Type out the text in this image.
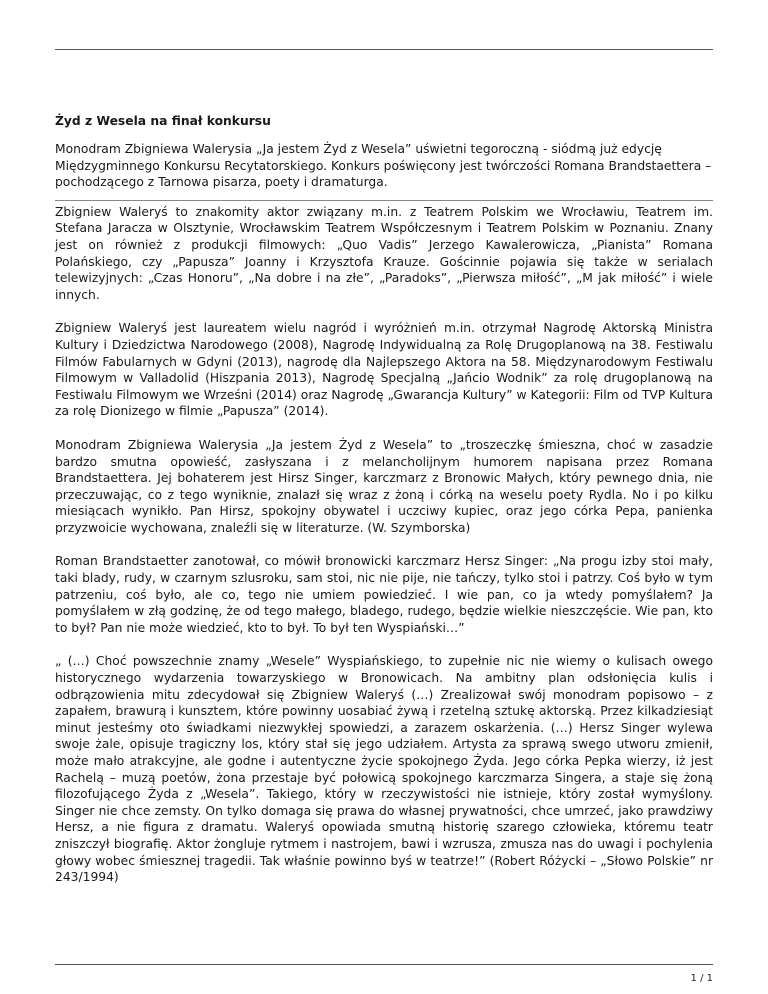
Żyd z Wesela na finał konkursu

Monodram Zbigniewa Walerysia „Ja jestem Żyd z Wesela” uświetni tegoroczną - siódmą już edycję Międzygminnego Konkursu Recytatorskiego. Konkurs poświęcony jest twórczości Romana Brandstaettera – pochodzącego z Tarnowa pisarza, poety i dramaturga.

Zbigniew Waleryś to znakomity aktor związany m.in. z Teatrem Polskim we Wrocławiu, Teatrem im. Stefana Jaracza w Olsztynie, Wrocławskim Teatrem Współczesnym i Teatrem Polskim w Poznaniu. Znany jest on również z produkcji filmowych: „Quo Vadis” Jerzego Kawalerowicza, „Pianista” Romana Polańskiego, czy „Papusza” Joanny i Krzysztofa Krauze. Gościnnie pojawia się także w serialach telewizyjnych: „Czas Honoru”, „Na dobre i na złe”, „Paradoks”, „Pierwsza miłość”, „M jak miłość” i wiele innych.

Zbigniew Waleryś jest laureatem wielu nagród i wyróżnień m.in. otrzymał Nagrodę Aktorską Ministra Kultury i Dziedzictwa Narodowego (2008), Nagrodę Indywidualną za Rolę Drugoplanową na 38. Festiwalu Filmów Fabularnych w Gdyni (2013), nagrodę dla Najlepszego Aktora na 58. Międzynarodowym Festiwalu Filmowym w Valladolid (Hiszpania 2013), Nagrodę Specjalną „Jańcio Wodnik” za rolę drugoplanową na Festiwalu Filmowym we Wrześni (2014) oraz Nagrodę „Gwarancja Kultury” w Kategorii: Film od TVP Kultura za rolę Dionizego w filmie „Papusza” (2014).

Monodram Zbigniewa Walerysia „Ja jestem Żyd z Wesela” to „troszeczkę śmieszna, choć w zasadzie bardzo smutna opowieść, zasłyszana i z melancholijnym humorem napisana przez Romana Brandstaettera. Jej bohaterem jest Hirsz Singer, karczmarz z Bronowic Małych, który pewnego dnia, nie przeczuwając, co z tego wyniknie, znalazł się wraz z żoną i córką na weselu poety Rydla. No i po kilku miesiącach wynikło. Pan Hirsz, spokojny obywatel i uczciwy kupiec, oraz jego córka Pepa, panienka przyzwoicie wychowana, znaleźli się w literaturze. (W. Szymborska)

Roman Brandstaetter zanotował, co mówił bronowicki karczmarz Hersz Singer: „Na progu izby stoi mały, taki blady, rudy, w czarnym szlusroku, sam stoi, nic nie pije, nie tańczy, tylko stoi i patrzy. Coś było w tym patrzeniu, coś było, ale co, tego nie umiem powiedzieć. I wie pan, co ja wtedy pomyślałem? Ja pomyślałem w złą godzinę, że od tego małego, bladego, rudego, będzie wielkie nieszczęście. Wie pan, kto to był? Pan nie może wiedzieć, kto to był. To był ten Wyspiański…”

„ (…) Choć powszechnie znamy „Wesele” Wyspiańskiego, to zupełnie nic nie wiemy o kulisach owego historycznego wydarzenia towarzyskiego w Bronowicach. Na ambitny plan odsłonięcia kulis i odbrązowienia mitu zdecydował się Zbigniew Waleryś (…) Zrealizował swój monodram popisowo – z zapałem, brawurą i kunsztem, które powinny uosabiać żywą i rzetelną sztukę aktorską. Przez kilkadziesiąt minut jesteśmy oto świadkami niezwykłej spowiedzi, a zarazem oskarżenia. (…) Hersz Singer wylewa swoje żale, opisuje tragiczny los, który stał się jego udziałem. Artysta za sprawą swego utworu zmienił, może mało atrakcyjne, ale godne i autentyczne życie spokojnego Żyda. Jego córka Pepka wierzy, iż jest Rachelą – muzą poetów, żona przestaje być połowicą spokojnego karczmarza Singera, a staje się żoną filozofującego Żyda z „Wesela”. Takiego, który w rzeczywistości nie istnieje, który został wymyślony. Singer nie chce zemsty. On tylko domaga się prawa do własnej prywatności, chce umrzeć, jako prawdziwy Hersz, a nie figura z dramatu. Waleryś opowiada smutną historię szarego człowieka, któremu teatr zniszczył biografię. Aktor żongluje rytmem i nastrojem, bawi i wzrusza, zmusza nas do uwagi i pochylenia głowy wobec śmiesznej tragedii. Tak właśnie powinno byś w teatrze!” (Robert Różycki – „Słowo Polskie” nr 243/1994)

1 / 1
